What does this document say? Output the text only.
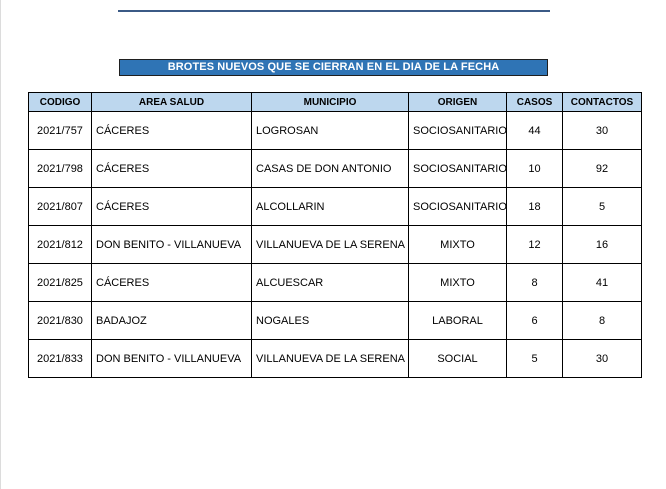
BROTES NUEVOS QUE SE CIERRAN EN EL DIA DE LA FECHA
CODIGO	AREA SALUD	MUNICIPIO	ORIGEN	CASOS	CONTACTOS
2021/757	CÁCERES	LOGROSAN	SOCIOSANITARIO	44	30
2021/798	CÁCERES	CASAS DE DON ANTONIO	SOCIOSANITARIO	10	92
2021/807	CÁCERES	ALCOLLARIN	SOCIOSANITARIO	18	5
2021/812	DON BENITO - VILLANUEVA	VILLANUEVA DE LA SERENA	MIXTO	12	16
2021/825	CÁCERES	ALCUESCAR	MIXTO	8	41
2021/830	BADAJOZ	NOGALES	LABORAL	6	8
2021/833	DON BENITO - VILLANUEVA	VILLANUEVA DE LA SERENA	SOCIAL	5	30
